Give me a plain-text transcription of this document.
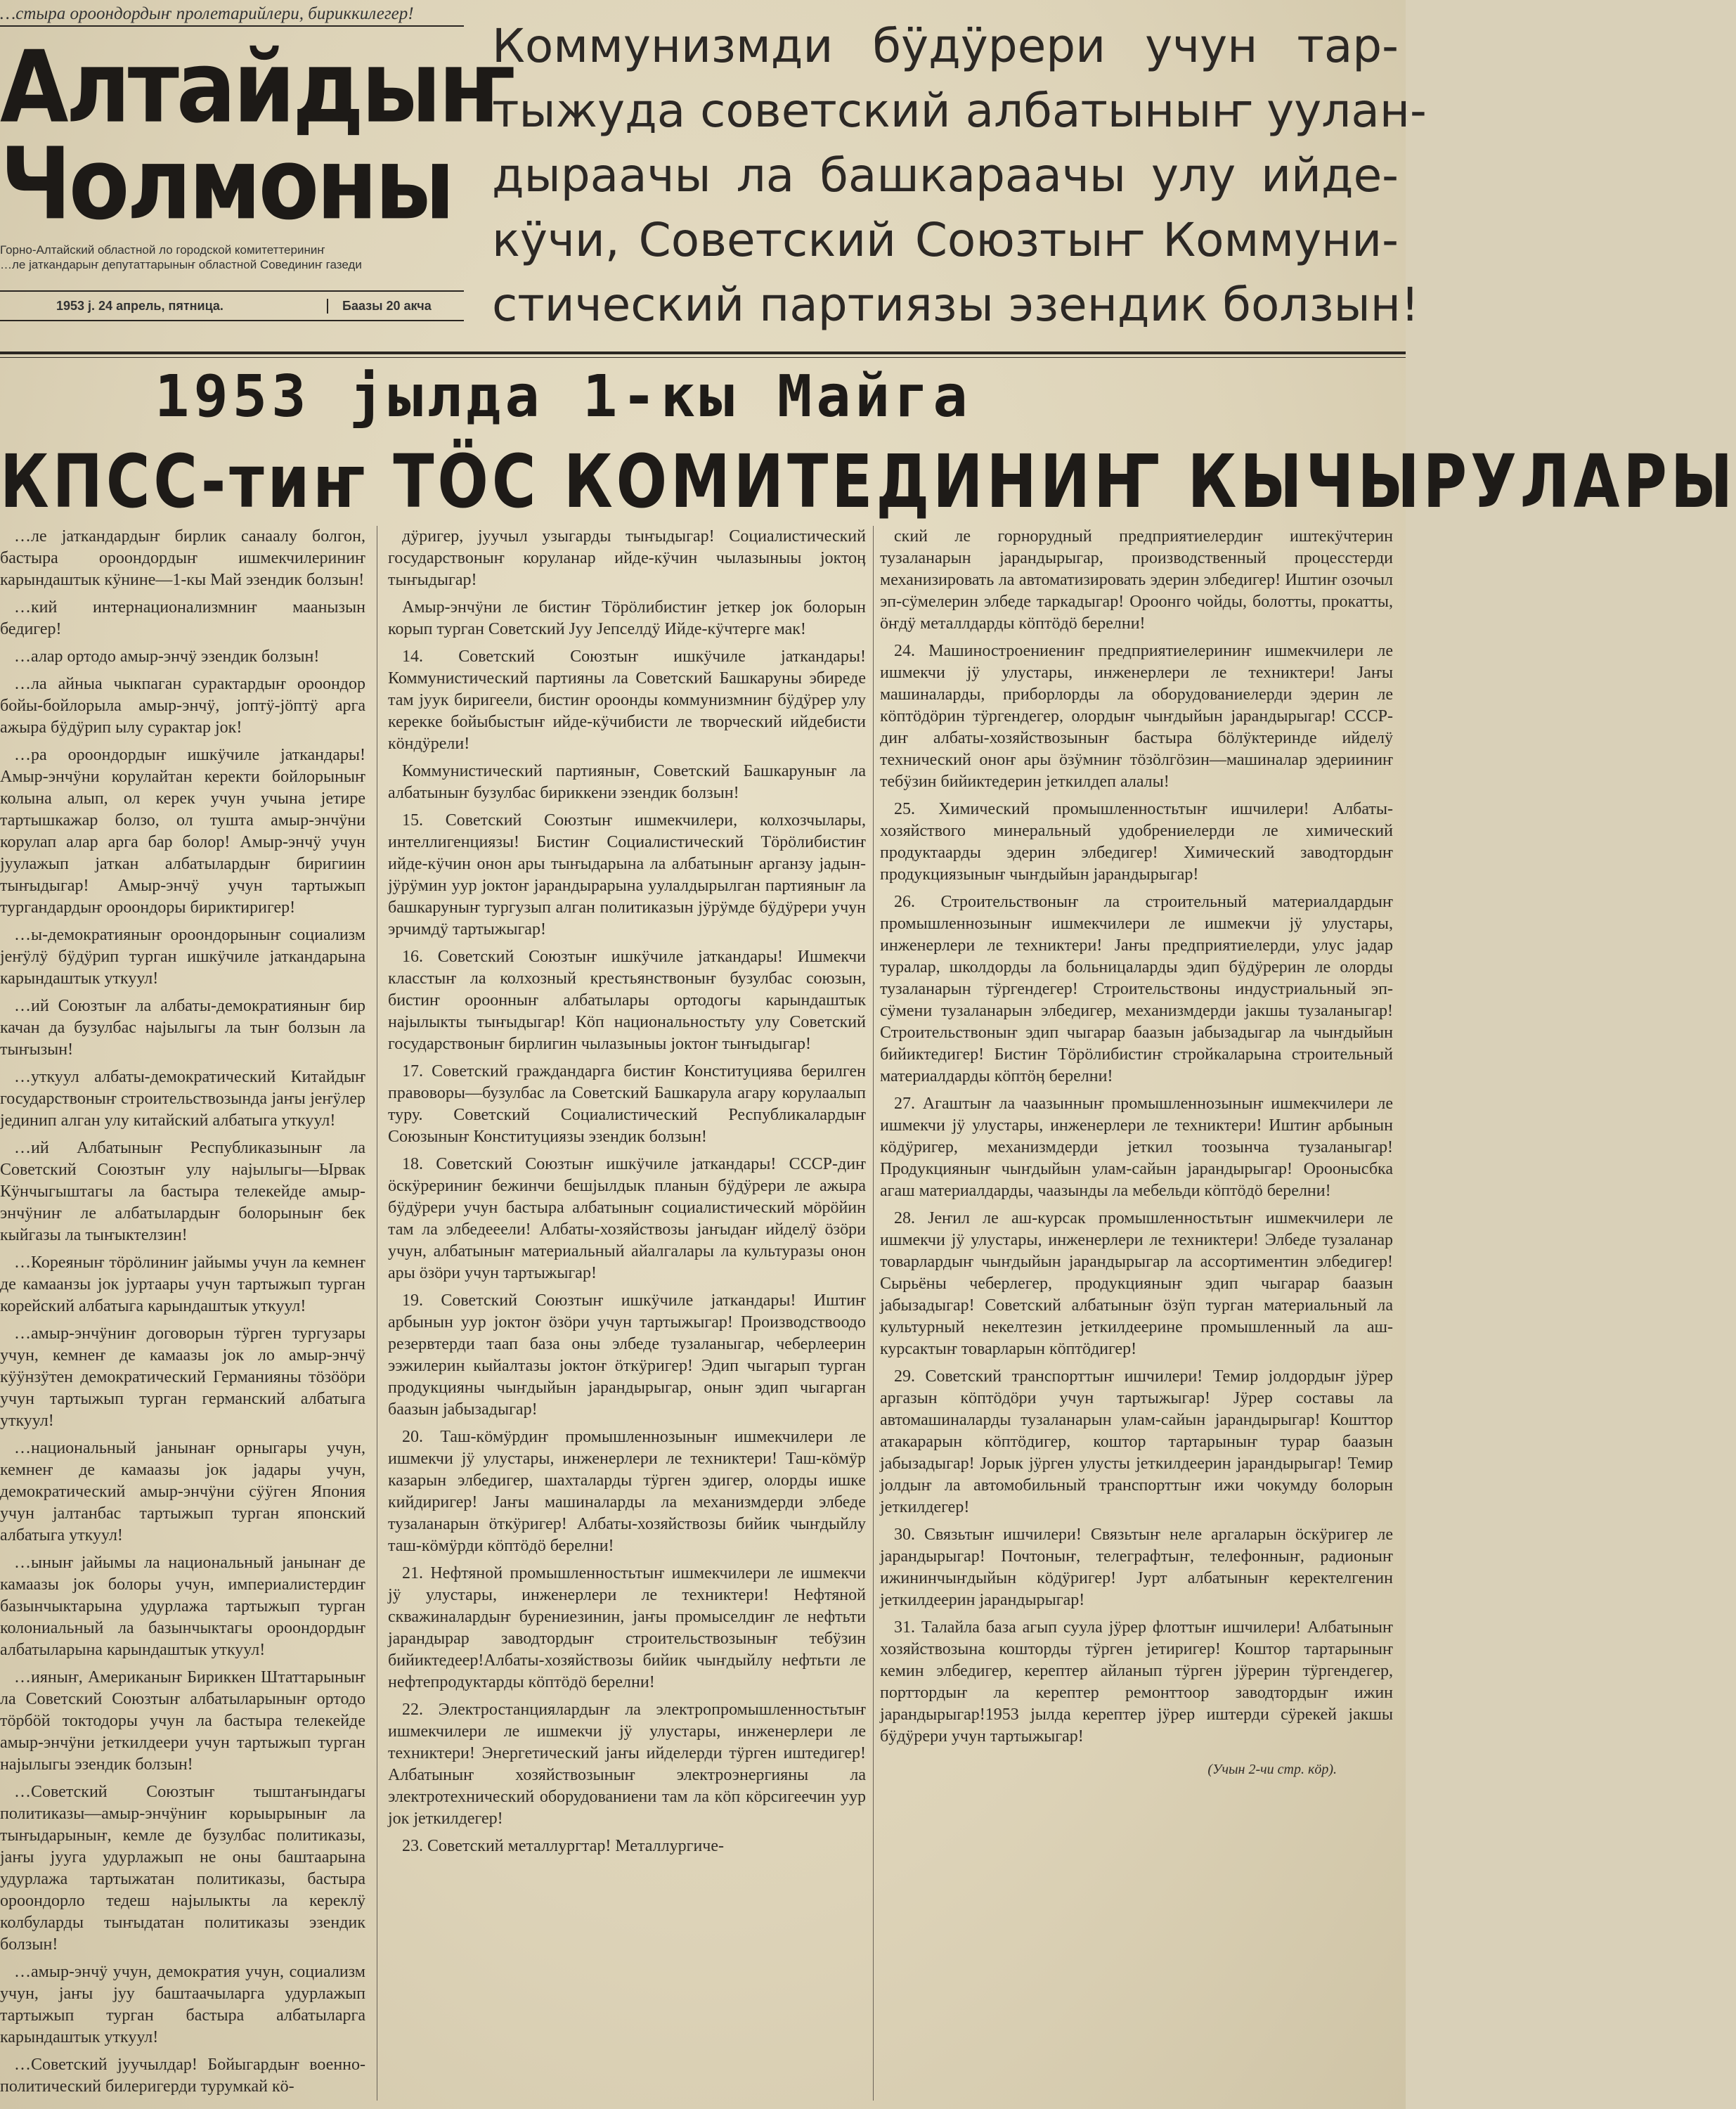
…стыра ороондордыҥ пролетарийлери, бириккилегер!
Алтайдыҥ
Чолмоны
Горно-Алтайский областной ло городской комитеттериниҥ
…ле јаткандарыҥ депутаттарыныҥ областной Совединиҥ газеди
1953 ј. 24 апрель, пятница.	Баазы 20 акча
Коммунизмди бÿдÿрери учун тар-
тыжуда советский албатыныҥ уулан-
дыраачы ла башкараачы улу ийде-
кÿчи, Советский Союзтыҥ Коммуни-
стический партиязы эзендик болзын!
1953 јылда 1-кы Майга
КПСС-тиҥ ТÖС КОМИТЕДИНИҤ КЫЧЫРУЛАРЫ

…ле јаткандардыҥ бирлик санаалу болгон, бастыра ороондордыҥ ишмекчилериниҥ карындаштык кÿнине—1-кы Май эзендик болзын!

…кий интернационализмниҥ маанызын бедигер!

…алар ортодо амыр-энчÿ эзендик болзын!

…ла айныа чыкпаган сурактардыҥ ороондор бойы-бойлорыла амыр-энчÿ, јоптÿ-јöптÿ арга ажыра бÿдÿрип ылу сурактар јок!

…ра ороондордыҥ ишкÿчиле јаткандары! Амыр-энчÿни корулайтан керекти бойлорыныҥ колына алып, ол керек учун учына јетире тартышкажар болзо, ол тушта амыр-энчÿни корулап алар арга бар болор! Амыр-энчÿ учун јуулажып јаткан албатылардыҥ биригиин тыҥыдыгар! Амыр-энчÿ учун тартыжып тургандардыҥ ороондоры бириктиригер!

…ы-демократияныҥ ороондорыныҥ социализм јеҥÿлÿ бÿдÿрип турган ишкÿчиле јаткандарына карындаштык уткуул!

…ий Союзтыҥ ла албаты-демократияныҥ бир качан да бузулбас најылыгы ла тыҥ болзын ла тыҥызын!

…уткуул албаты-демократический Китайдыҥ государствоныҥ строительствозында јаҥы јеҥÿлер јединип алган улу китайский албатыга уткуул!

…ий Албатыныҥ Республиказыныҥ ла Советский Союзтыҥ улу најылыгы—Ырвак Кÿнчыгыштагы ла бастыра телекейде амыр-энчÿниҥ ле албатылардыҥ болорыныҥ бек кыйгазы ла тыҥыктелзин!

…Кореяныҥ тöрöлиниҥ јайымы учун ла кемнеҥ де камаанзы јок јуртаары учун тартыжып турган корейский албатыга карындаштык уткуул!

…амыр-энчÿниҥ договорын тÿрген тургузары учун, кемнеҥ де камаазы јок ло амыр-энчÿ кÿÿнзÿтен демократический Германияны тöзööри учун тартыжып турган германский албатыга уткуул!

…национальный јанынаҥ орныгары учун, кемнеҥ де камаазы јок јадары учун, демократический амыр-энчÿни сÿÿген Япония учун јалтанбас тартыжып турган японский албатыга уткуул!

…ыныҥ јайымы ла национальный јанынаҥ де камаазы јок болоры учун, империалистердиҥ базынчыктарына удурлажа тартыжып турган колониальный ла базынчыктагы ороондордыҥ албатыларына карындаштык уткуул!

…ияныҥ, Американыҥ Бириккен Штаттарыныҥ ла Советский Союзтыҥ албатыларыныҥ ортодо тöрбöй токтодоры учун ла бастыра телекейде амыр-энчÿни јеткилдеери учун тартыжып турган најылыгы эзендик болзын!

…Советский Союзтыҥ тыштаҥындагы политиказы—амыр-энчÿниҥ корыырыныҥ ла тыҥыдарыныҥ, кемле де бузулбас политиказы, јаҥы јууга удурлажып не оны баштаарына удурлажа тартыжатан политиказы, бастыра ороондорло тедеш најылыкты ла кереклÿ колбуларды тыҥыдатан политиказы эзендик болзын!

…амыр-энчÿ учун, демократия учун, социализм учун, јаҥы јуу баштаачыларга удурлажып тартыжып турган бастыра албатыларга карындаштык уткуул!

…Советский јуучылдар! Бойыгардыҥ военно-политический билеригерди турумкай кö-

дÿригер, јуучыл узыгарды тыҥыдыгар! Социалистический государствоныҥ коруланар ийде-кÿчин чылазыныы јоктоӊ тыҥыдыгар!

Амыр-энчÿни ле бистиҥ Тöрöлибистиҥ јеткер јок болорын корып турган Советский Јуу Јепселдÿ Ийде-кÿчтерге мак!

14. Советский Союзтыҥ ишкÿчиле јаткандары! Коммунистический партияны ла Советский Башкаруны эбиреде там јуук биригеели, бистиҥ ороонды коммунизмниҥ бÿдÿрер улу керекке бойыбыстыҥ ийде-кÿчибисти ле творческий ийдебисти кöндÿрели!

Коммунистический партияныҥ, Советский Башкаруныҥ ла албатыныҥ бузулбас бириккени эзендик болзын!

15. Советский Союзтыҥ ишмекчилери, колхозчылары, интеллигенциязы! Бистиҥ Социалистический Тöрöлибистиҥ ийде-кÿчин онон ары тыҥыдарына ла албатыныҥ арганзу јадын-јÿрÿмин уур јоктоҥ јарандырарына уулалдырылган партияныҥ ла башкаруныҥ тургузып алган политиказын јÿрÿмде бÿдÿрери учун эрчимдÿ тартыжыгар!

16. Советский Союзтыҥ ишкÿчиле јаткандары! Ишмекчи класстыҥ ла колхозный крестьянствоныҥ бузулбас союзын, бистиҥ ороонныҥ албатылары ортодогы карындаштык најылыкты тыҥыдыгар! Кöп национальностьту улу Советский государствоныҥ бирлигин чылазыныы јоктоҥ тыҥыдыгар!

17. Советский граждандарга бистиҥ Конституциява берилген правоворы—бузулбас ла Советский Башкарула агару корулаалып туру. Советский Социалистический Республикалардыҥ Союзыныҥ Конституциязы эзендик болзын!

18. Советский Союзтыҥ ишкÿчиле јаткандары! СССР-диҥ öскÿрериниҥ бежинчи бешјылдык планын бÿдÿрери ле ажыра бÿдÿрери учун бастыра албатыныҥ социалистический мöрöйин там ла элбедееели! Албаты-хозяйствозы јаҥыдаҥ ийделÿ öзöри учун, албатыныҥ материальный айалгалары ла культуразы онон ары öзöри учун тартыжыгар!

19. Советский Союзтыҥ ишкÿчиле јаткандары! Иштиҥ арбынын уур јоктоҥ öзöри учун тартыжыгар! Производствоодо резервтерди таап база оны элбеде тузаланыгар, чеберлеерин ээжилерин кыйалтазы јоктоҥ öткÿригер! Эдип чыгарып турган продукцияны чыҥдыйын јарандырыгар, оныҥ эдип чыгарган баазын јабызадыгар!

20. Таш-кöмÿрдиҥ промышленнозыныҥ ишмекчилери ле ишмекчи јÿ улустары, инженерлери ле техниктери! Таш-кöмÿр казарын элбедигер, шахталарды тÿрген эдигер, олорды ишке кийдиригер! Јаҥы машиналарды ла механизмдерди элбеде тузаланарын öткÿригер! Албаты-хозяйствозы бийик чыҥдыйлу таш-кöмÿрди кöптöдö берелни!

21. Нефтяной промышленностьтыҥ ишмекчилери ле ишмекчи јÿ улустары, инженерлери ле техниктери! Нефтяной скважиналардыҥ бурениезинин, јаҥы промыселдиҥ ле нефтьти јарандырар заводтордыҥ строительствозыныҥ тебÿзин бийиктедеер!Албаты-хозяйствозы бийик чыҥдыйлу нефтьти ле нефтепродуктарды кöптöдö берелни!

22. Электростанциялардыҥ ла электропромышленностьтыҥ ишмекчилери ле ишмекчи јÿ улустары, инженерлери ле техниктери! Энергетический јаҥы ийделерди тÿрген иштедигер! Албатыныҥ хозяйствозыныҥ электроэнергияны ла электротехнический оборудованиени там ла кöп кöрсигеечин уур јок јеткилдегер!

23. Советский металлургтар! Металлургиче-

ский ле горнорудный предприятиелердиҥ иштекÿчтерин тузаланарын јарандырыгар, производственный процесстерди механизировать ла автоматизировать эдерин элбедигер! Иштиҥ озочыл эп-сÿмелерин элбеде таркадыгар! Ороонго чойды, болотты, прокатты, öҥдÿ металлдарды кöптöдö берелни!

24. Машиностроениениҥ предприятиелериниҥ ишмекчилери ле ишмекчи јÿ улустары, инженерлери ле техниктери! Јаҥы машиналарды, приборлорды ла оборудованиелерди эдерин ле кöптöдöрин тÿргендегер, олордыҥ чыҥдыйын јарандырыгар! СССР-диҥ албаты-хозяйствозыныҥ бастыра бöлÿктеринде ийделÿ технический оноҥ ары öзÿмниҥ тöзöлгöзин—машиналар эдерииниҥ тебÿзин бийиктедерин јеткилдеп алалы!

25. Химический промышленностьтыҥ ишчилери! Албаты-хозяйствого минеральный удобрениелерди ле химический продуктаарды эдерин элбедигер! Химический заводтордыҥ продукциязыныҥ чыҥдыйын јарандырыгар!

26. Строительствоныҥ ла строительный материалдардыҥ промышленнозыныҥ ишмекчилери ле ишмекчи јÿ улустары, инженерлери ле техниктери! Јаҥы предприятиелерди, улус јадар туралар, школдорды ла больницаларды эдип бÿдÿрерин ле олорды тузаланарын тÿргендегер! Строительствоны индустриальный эп-сÿмени тузаланарын элбедигер, механизмдерди јакшы тузаланыгар! Строительствоныҥ эдип чыгарар баазын јабызадыгар ла чыҥдыйын бийиктедигер! Бистиҥ Тöрöлибистиҥ стройкаларына строительный материалдарды кöптöӊ берелни!

27. Агаштыҥ ла чаазынныҥ промышленнозыныҥ ишмекчилери ле ишмекчи јÿ улустары, инженерлери ле техниктери! Иштиҥ арбынын кöдÿригер, механизмдерди јеткил тоозынча тузаланыгар! Продукцияныҥ чыҥдыйын улам-сайын јарандырыгар! Ороонысбка агаш материалдарды, чаазынды ла мебельди кöптöдö берелни!

28. Јеҥил ле аш-курсак промышленностьтыҥ ишмекчилери ле ишмекчи јÿ улустары, инженерлери ле техниктери! Элбеде тузаланар товарлардыҥ чыҥдыйын јарандырыгар ла ассортиментин элбедигер! Сырьёны чеберлегер, продукцияныҥ эдип чыгарар баазын јабызадыгар! Советский албатыныҥ öзÿп турган материальный ла культурный некелтезин јеткилдеерине промышленный ла аш-курсактыҥ товарларын кöптöдигер!

29. Советский транспорттыҥ ишчилери! Темир јолдордыҥ јÿрер аргазын кöптöдöри учун тартыжыгар! Јÿрер составы ла автомашиналарды тузаланарын улам-сайын јарандырыгар! Кошттор атакарарын кöптöдигер, коштор тартарыныҥ турар баазын јабызадыгар! Јорык јÿрген улусты јеткилдеерин јарандырыгар! Темир јолдыҥ ла автомобильный транспорттыҥ ижи чокумду болорын јеткилдегер!

30. Связьтыҥ ишчилери! Связьтыҥ неле аргаларын öскÿригер ле јарандырыгар! Почтоныҥ, телеграфтыҥ, телефонныҥ, радионыҥ ижининчыҥдыйын кöдÿригер! Јурт албатыныҥ керектелгенин јеткилдеерин јарандырыгар!

31. Талайла база агып суула јÿрер флоттыҥ ишчилери! Албатыныҥ хозяйствозына кошторды тÿрген јетиригер! Коштор тартарыныҥ кемин элбедигер, керептер айланып тÿрген јÿрерин тÿргендегер, порттордыҥ ла керептер ремонттоор заводтордыҥ ижин јарандырыгар!1953 јылда керептер јÿрер иштерди сÿрекей јакшы бÿдÿрери учун тартыжыгар!

(Учын 2-чи стр. кöр).
